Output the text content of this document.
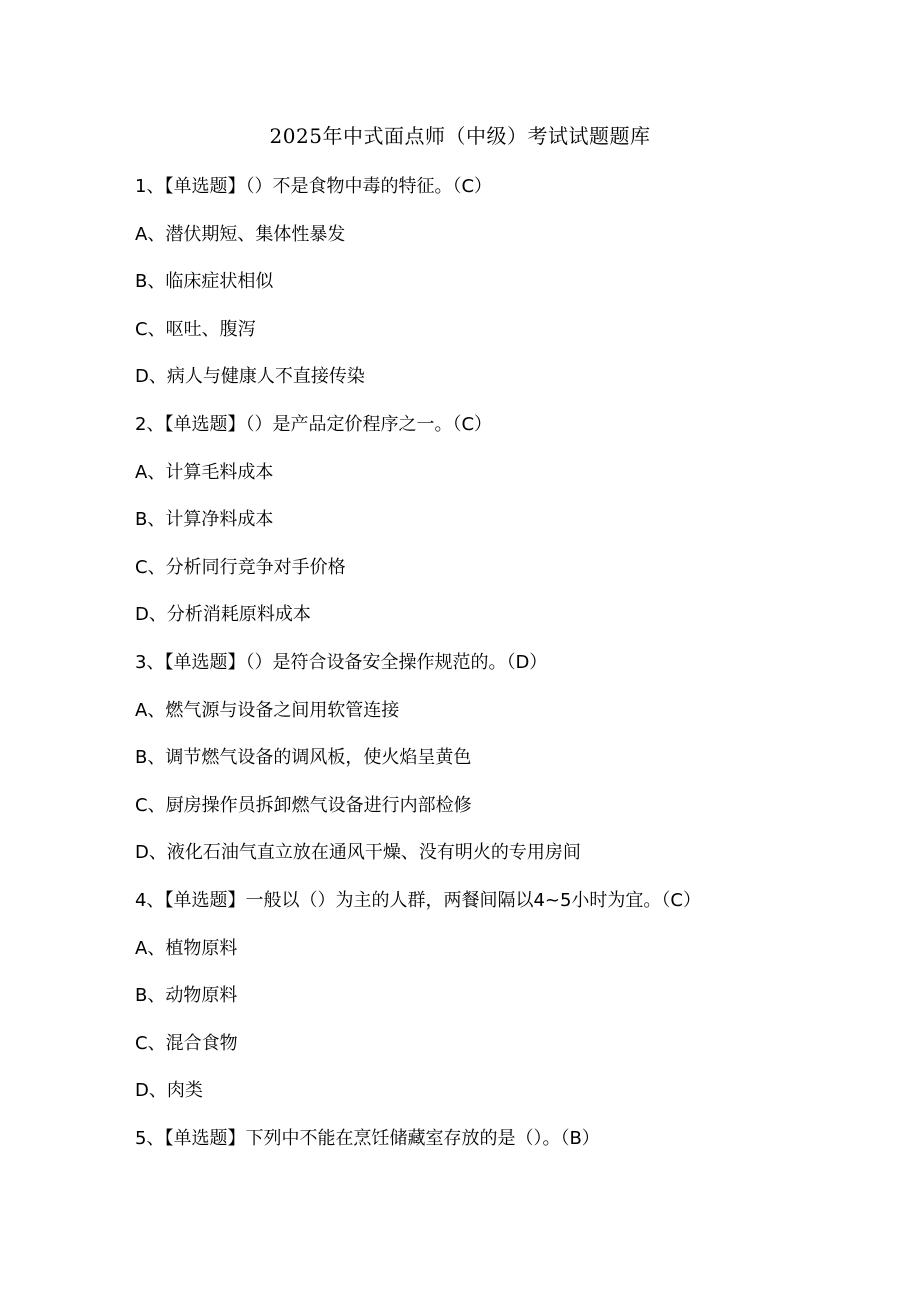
2025年中式面点师（中级）考试试题题库
1、【单选题】（）不是食物中毒的特征。（C）
A、潜伏期短、集体性暴发
B、临床症状相似
C、呕吐、腹泻
D、病人与健康人不直接传染
2、【单选题】（）是产品定价程序之一。（C）
A、计算毛料成本
B、计算净料成本
C、分析同行竞争对手价格
D、分析消耗原料成本
3、【单选题】（）是符合设备安全操作规范的。（D）
A、燃气源与设备之间用软管连接
B、调节燃气设备的调风板，使火焰呈黄色
C、厨房操作员拆卸燃气设备进行内部检修
D、液化石油气直立放在通风干燥、没有明火的专用房间
4、【单选题】一般以（）为主的人群，两餐间隔以4~5小时为宜。（C）
A、植物原料
B、动物原料
C、混合食物
D、肉类
5、【单选题】下列中不能在烹饪储藏室存放的是（）。（B）
